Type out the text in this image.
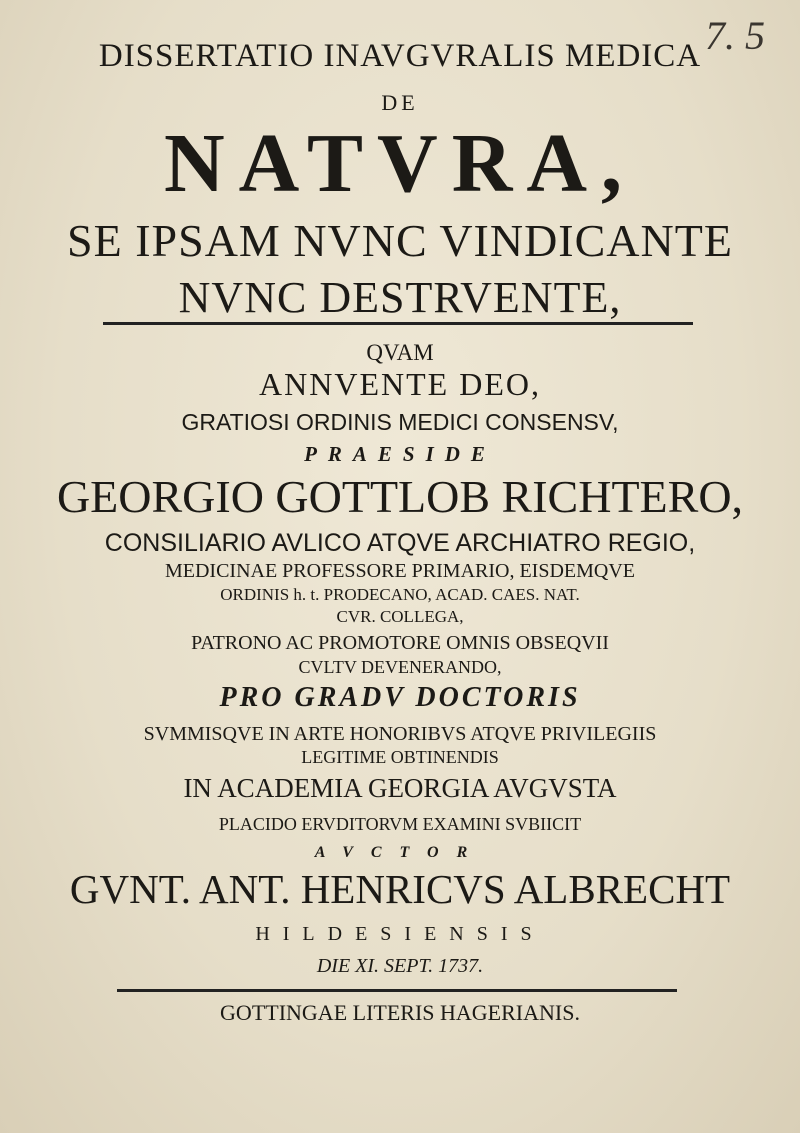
7. 5
DISSERTATIO INAVGVRALIS MEDICA
DE
NATVRA,
SE IPSAM NVNC VINDICANTE
NVNC DESTRVENTE,
QVAM
ANNVENTE DEO,
GRATIOSI ORDINIS MEDICI CONSENSV,
PRAESIDE
GEORGIO GOTTLOB RICHTERO,
CONSILIARIO AVLICO ATQVE ARCHIATRO REGIO,
MEDICINAE PROFESSORE PRIMARIO, EISDEMQVE
ORDINIS h. t. PRODECANO, ACAD. CAES. NAT.
CVR. COLLEGA,
PATRONO AC PROMOTORE OMNIS OBSEQVII
CVLTV DEVENERANDO,
PRO GRADV DOCTORIS
SVMMISQVE IN ARTE HONORIBVS ATQVE PRIVILEGIIS
LEGITIME OBTINENDIS
IN ACADEMIA GEORGIA AVGVSTA
PLACIDO ERVDITORVM EXAMINI SVBIICIT
AVCTOR
GVNT. ANT. HENRICVS ALBRECHT
HILDESIENSIS
DIE XI. SEPT. 1737.
GOTTINGAE LITERIS HAGERIANIS.
